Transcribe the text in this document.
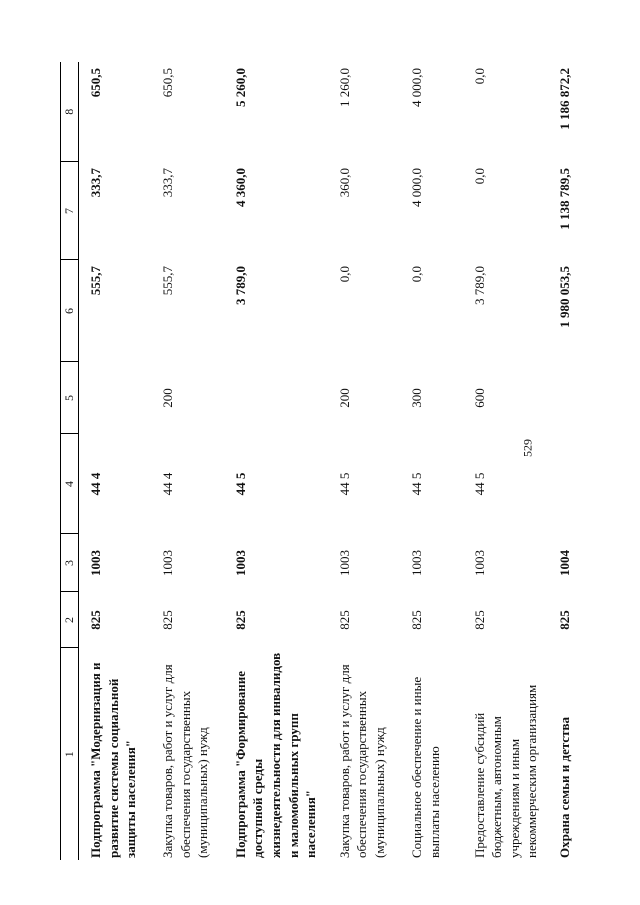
529
1	2	3	4	5	6	7	8
Подпрограмма "Модернизация и развитие системы социальной защиты населения"	825	1003	44 4		555,7	333,7	650,5
Закупка товаров, работ и услуг для обеспечения государственных (муниципальных) нужд	825	1003	44 4	200	555,7	333,7	650,5
Подпрограмма "Формирование доступной среды жизнедеятельности для инвалидов и маломобильных групп населения"	825	1003	44 5		3 789,0	4 360,0	5 260,0
Закупка товаров, работ и услуг для обеспечения государственных (муниципальных) нужд	825	1003	44 5	200	0,0	360,0	1 260,0
Социальное обеспечение и иные выплаты населению	825	1003	44 5	300	0,0	4 000,0	4 000,0
Предоставление субсидий бюджетным, автономным учреждениям и иным некоммерческим организациям	825	1003	44 5	600	3 789,0	0,0	0,0
Охрана семьи и детства	825	1004			1 980 053,5	1 138 789,5	1 186 872,2
